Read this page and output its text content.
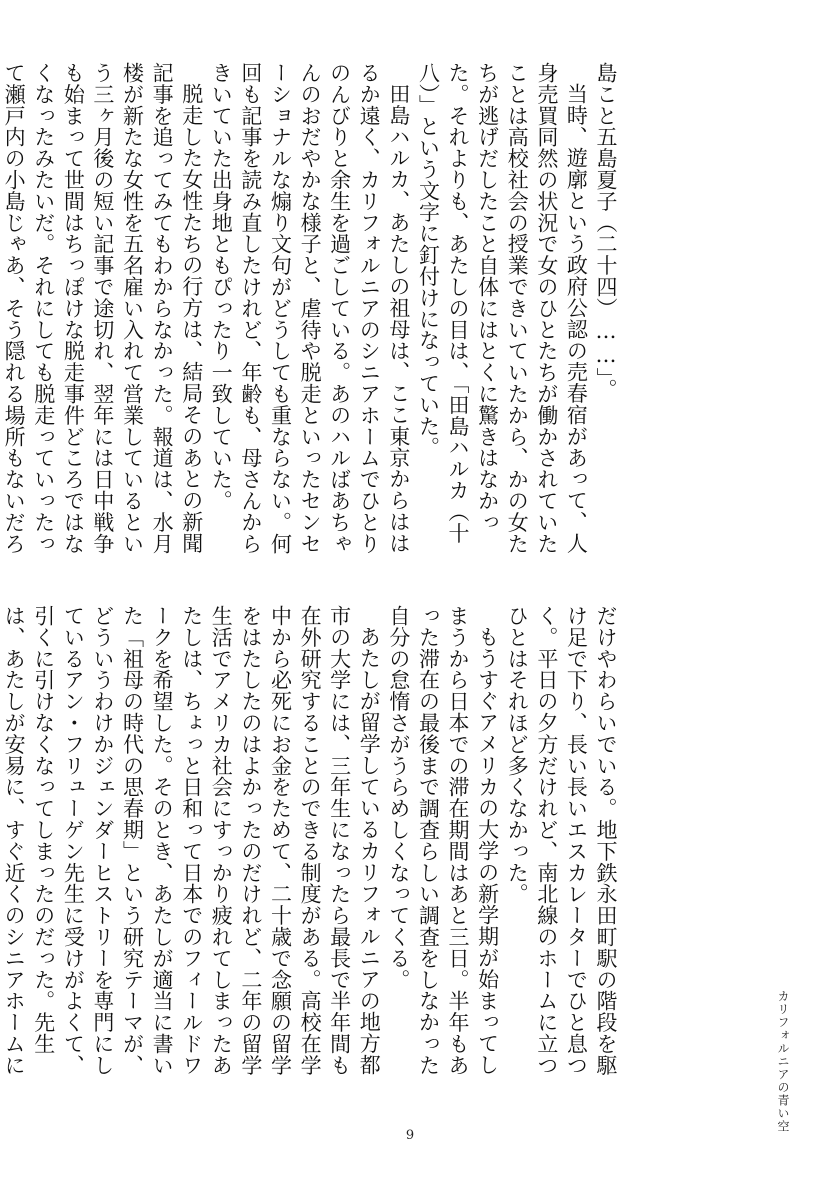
島こと五島夏子（二十四）……」。
当時、遊廓という政府公認の売春宿があって、人身売買同然の状況で女のひとたちが働かされていたことは高校社会の授業できいていたから、かの女たちが逃げだしたこと自体にはとくに驚きはなかった。それよりも、あたしの目は、「田島ハルカ（十八）」という文字に釘付けになっていた。
田島ハルカ、あたしの祖母は、ここ東京からははるか遠く、カリフォルニアのシニアホームでひとりのんびりと余生を過ごしている。あのハルばあちゃんのおだやかな様子と、虐待や脱走といったセンセーショナルな煽り文句がどうしても重ならない。何回も記事を読み直したけれど、年齢も、母さんからきいていた出身地ともぴったり一致していた。
脱走した女性たちの行方は、結局そのあとの新聞記事を追ってみてもわからなかった。報道は、水月楼が新たな女性を五名雇い入れて営業しているという三ヶ月後の短い記事で途切れ、翌年には日中戦争も始まって世間はちっぽけな脱走事件どころではなくなったみたいだ。それにしても脱走っていったって瀬戸内の小島じゃあ、そう隠れる場所もないだろ
だけやわらいでいる。地下鉄永田町駅の階段を駆け足で下り、長い長いエスカレーターでひと息つく。平日の夕方だけれど、南北線のホームに立つひとはそれほど多くなかった。
もうすぐアメリカの大学の新学期が始まってしまうから日本での滞在期間はあと三日。半年もあった滞在の最後まで調査らしい調査をしなかった自分の怠惰さがうらめしくなってくる。
あたしが留学しているカリフォルニアの地方都市の大学には、三年生になったら最長で半年間も在外研究することのできる制度がある。高校在学中から必死にお金をためて、二十歳で念願の留学をはたしたのはよかったのだけれど、二年の留学生活でアメリカ社会にすっかり疲れてしまったあたしは、ちょっと日和って日本でのフィールドワークを希望した。そのとき、あたしが適当に書いた「祖母の時代の思春期」という研究テーマが、どういうわけかジェンダーヒストリーを専門にしているアン・フリューゲン先生に受けがよくて、引くに引けなくなってしまったのだった。先生は、あたしが安易に、すぐ近くのシニアホームに	カリフォルニアの青い空
9
